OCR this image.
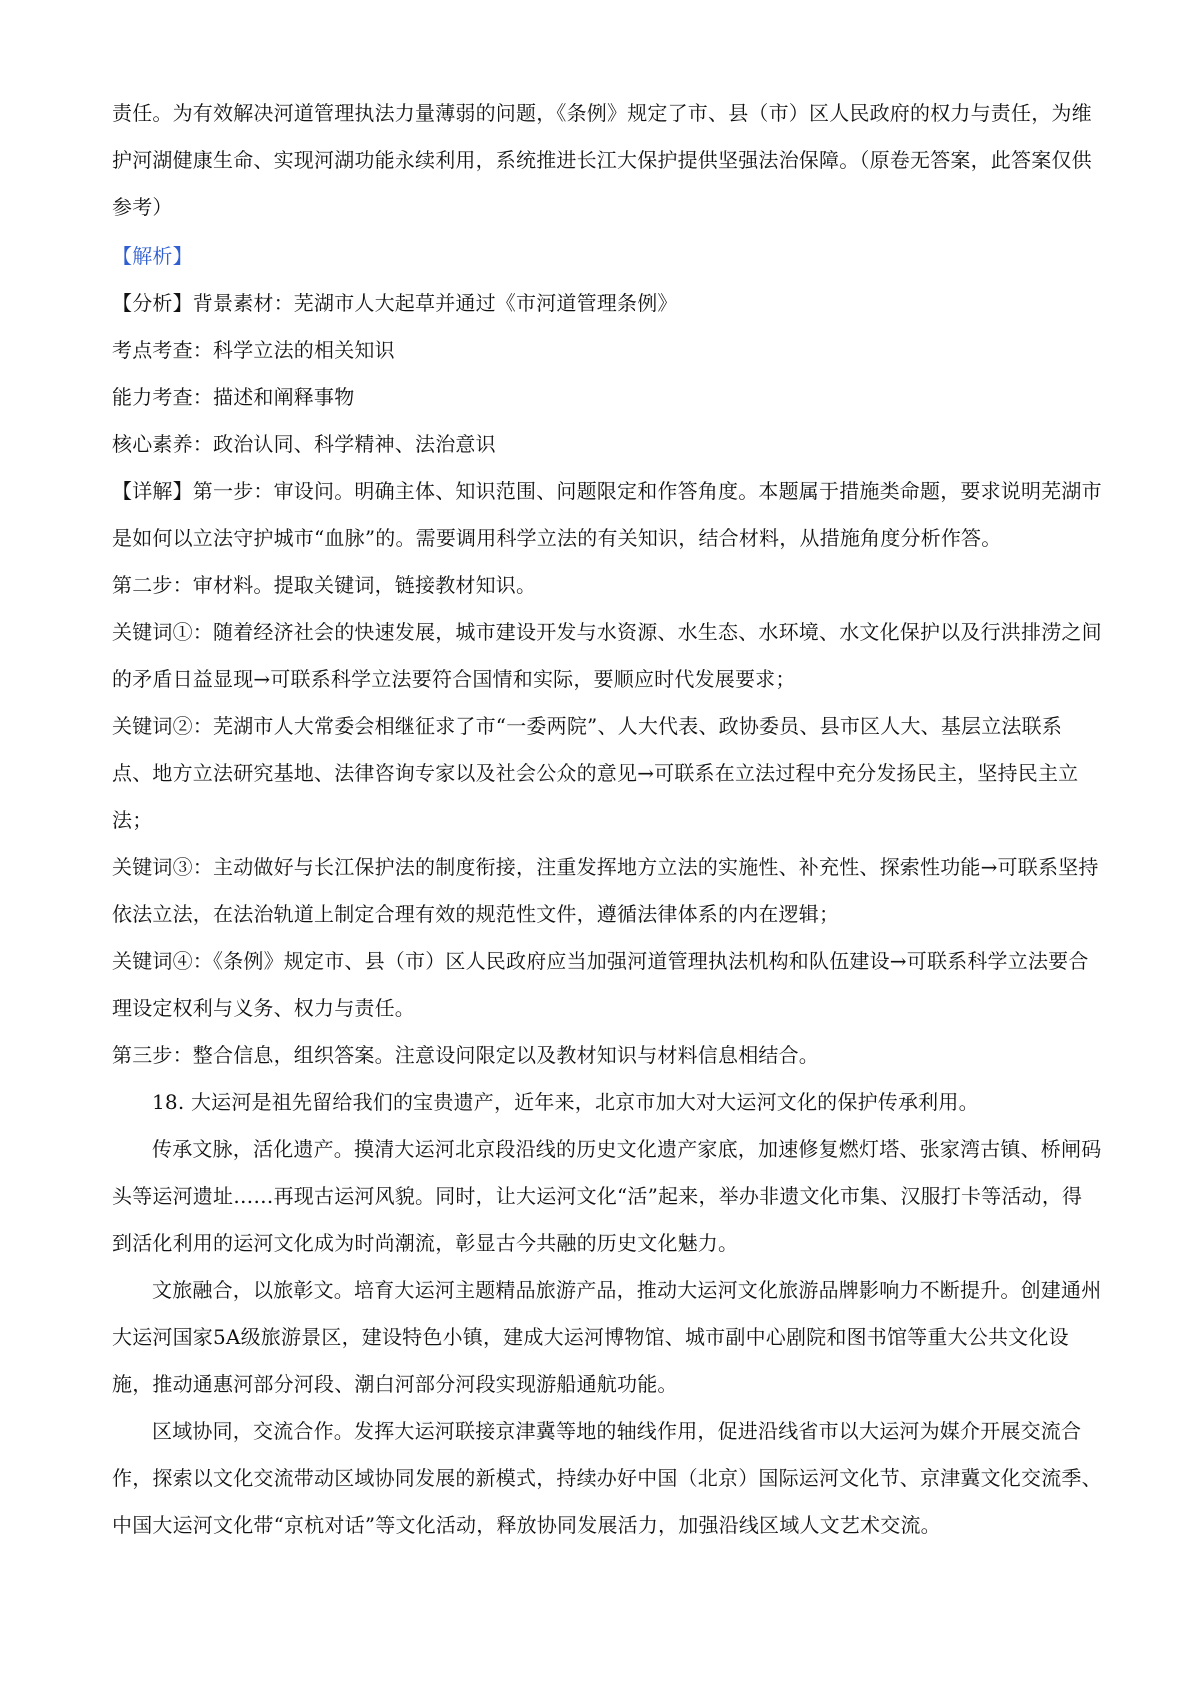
责任。为有效解决河道管理执法力量薄弱的问题，《条例》规定了市、县（市）区人民政府的权力与责任，为维护河湖健康生命、实现河湖功能永续利用，系统推进长江大保护提供坚强法治保障。（原卷无答案，此答案仅供参考）

【解析】

【分析】背景素材：芜湖市人大起草并通过《市河道管理条例》

考点考查：科学立法的相关知识

能力考查：描述和阐释事物

核心素养：政治认同、科学精神、法治意识

【详解】第一步：审设问。明确主体、知识范围、问题限定和作答角度。本题属于措施类命题，要求说明芜湖市是如何以立法守护城市“血脉”的。需要调用科学立法的有关知识，结合材料，从措施角度分析作答。

第二步：审材料。提取关键词，链接教材知识。

关键词①：随着经济社会的快速发展，城市建设开发与水资源、水生态、水环境、水文化保护以及行洪排涝之间的矛盾日益显现→可联系科学立法要符合国情和实际，要顺应时代发展要求；

关键词②：芜湖市人大常委会相继征求了市“一委两院”、人大代表、政协委员、县市区人大、基层立法联系点、地方立法研究基地、法律咨询专家以及社会公众的意见→可联系在立法过程中充分发扬民主，坚持民主立法；

关键词③：主动做好与长江保护法的制度衔接，注重发挥地方立法的实施性、补充性、探索性功能→可联系坚持依法立法，在法治轨道上制定合理有效的规范性文件，遵循法律体系的内在逻辑；

关键词④：《条例》规定市、县（市）区人民政府应当加强河道管理执法机构和队伍建设→可联系科学立法要合理设定权利与义务、权力与责任。

第三步：整合信息，组织答案。注意设问限定以及教材知识与材料信息相结合。

18. 大运河是祖先留给我们的宝贵遗产，近年来，北京市加大对大运河文化的保护传承利用。

传承文脉，活化遗产。摸清大运河北京段沿线的历史文化遗产家底，加速修复燃灯塔、张家湾古镇、桥闸码头等运河遗址……再现古运河风貌。同时，让大运河文化“活”起来，举办非遗文化市集、汉服打卡等活动，得到活化利用的运河文化成为时尚潮流，彰显古今共融的历史文化魅力。

文旅融合，以旅彰文。培育大运河主题精品旅游产品，推动大运河文化旅游品牌影响力不断提升。创建通州大运河国家5A级旅游景区，建设特色小镇，建成大运河博物馆、城市副中心剧院和图书馆等重大公共文化设施，推动通惠河部分河段、潮白河部分河段实现游船通航功能。

区域协同，交流合作。发挥大运河联接京津冀等地的轴线作用，促进沿线省市以大运河为媒介开展交流合作，探索以文化交流带动区域协同发展的新模式，持续办好中国（北京）国际运河文化节、京津冀文化交流季、中国大运河文化带“京杭对话”等文化活动，释放协同发展活力，加强沿线区域人文艺术交流。
